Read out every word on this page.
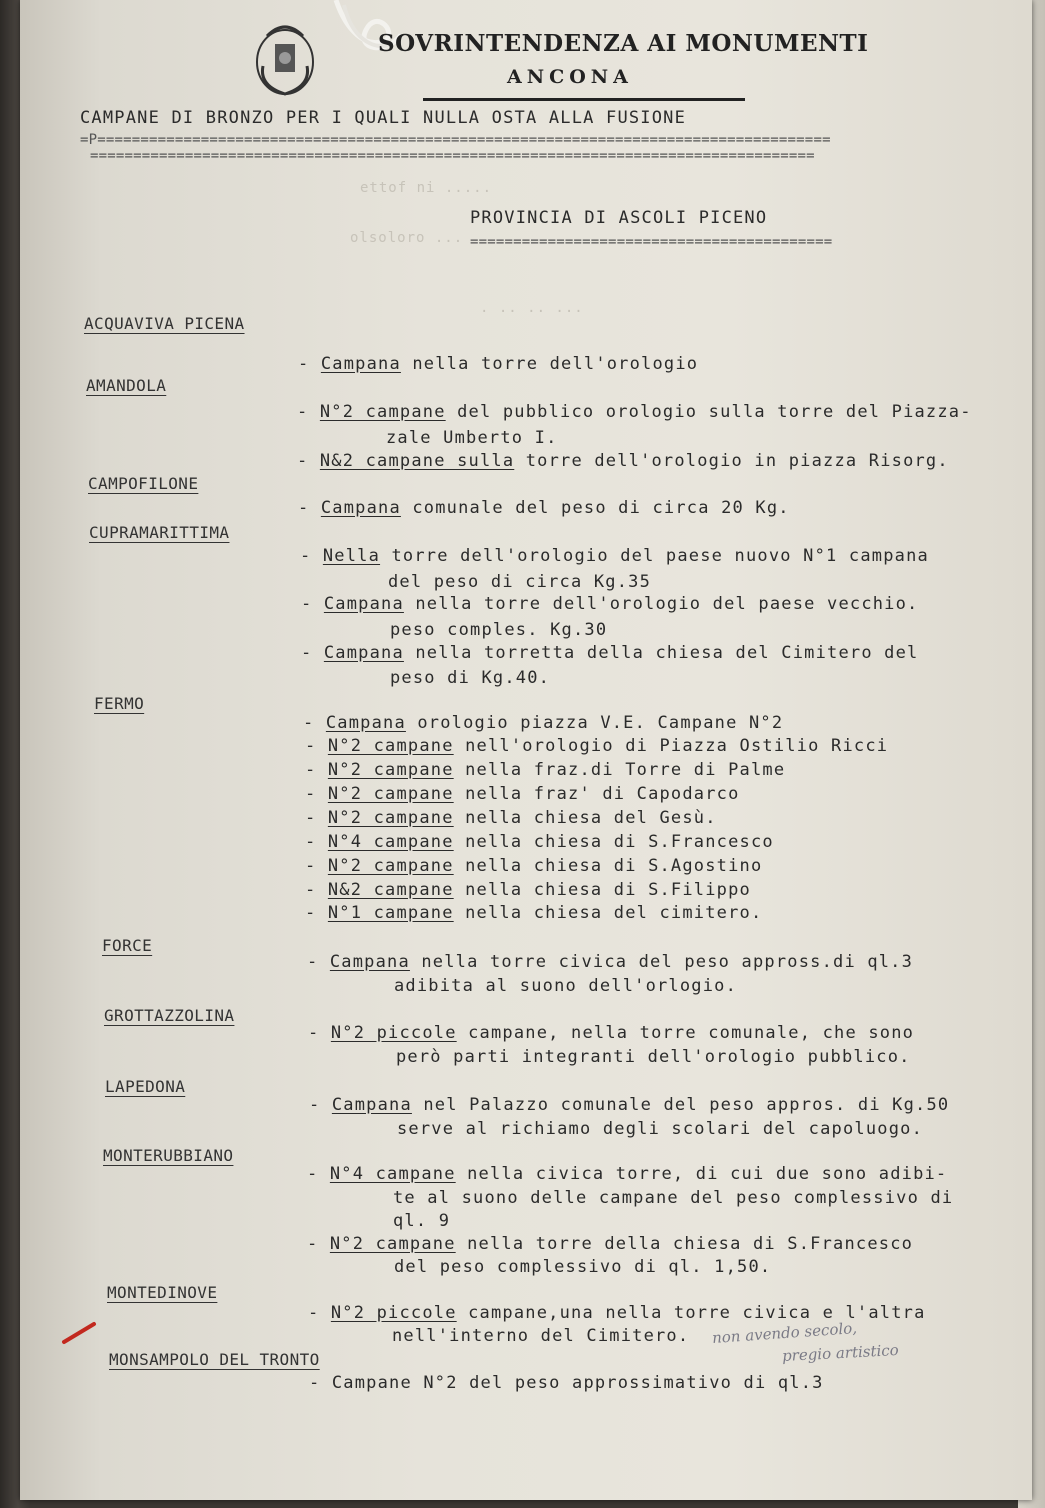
SOVRINTENDENZA AI MONUMENTI
ANCONA
CAMPANE DI BRONZO PER I QUALI NULLA OSTA ALLA FUSIONE
=P=====================================================================================
====================================================================================
ettof ni .....
olsoloro ...
. .. .. ...
PROVINCIA DI ASCOLI PICENO
==========================================
ACQUAVIVA PICENA
AMANDOLA
CAMPOFILONE
CUPRAMARITTIMA
FERMO
FORCE
GROTTAZZOLINA
LAPEDONA
MONTERUBBIANO
MONTEDINOVE
MONSAMPOLO DEL TRONTO
- Campana nella torre dell'orologio
- N°2 campane del pubblico orologio sulla torre del Piazza-
zale Umberto I.
- N&2 campane sulla torre dell'orologio in piazza Risorg.
- Campana comunale del peso di circa 20 Kg.
- Nella torre dell'orologio del paese nuovo N°1 campana
del peso di circa Kg.35
- Campana nella torre dell'orologio del paese vecchio.
peso comples. Kg.30
- Campana nella torretta della chiesa del Cimitero del
peso di Kg.40.
- Campana orologio piazza V.E. Campane N°2
- N°2 campane nell'orologio di Piazza Ostilio Ricci
- N°2 campane nella fraz.di Torre di Palme
- N°2 campane nella fraz' di Capodarco
- N°2 campane nella chiesa del Gesù.
- N°4 campane nella chiesa di S.Francesco
- N°2 campane nella chiesa di S.Agostino
- N&2 campane nella chiesa di S.Filippo
- N°1 campane nella chiesa del cimitero.
- Campana nella torre civica del peso appross.di ql.3
adibita al suono dell'orlogio.
- N°2 piccole campane, nella torre comunale, che sono
però parti integranti dell'orologio pubblico.
- Campana nel Palazzo comunale del peso appros. di Kg.50
serve al richiamo degli scolari del capoluogo.
- N°4 campane nella civica torre, di cui due sono adibi-
te al suono delle campane del peso complessivo di
ql. 9
- N°2 campane nella torre della chiesa di S.Francesco
del peso complessivo di ql. 1,50.
- N°2 piccole campane,una nella torre civica e l'altra
nell'interno del Cimitero.
- Campane N°2 del peso approssimativo di ql.3
non avendo secolo,
pregio artistico
